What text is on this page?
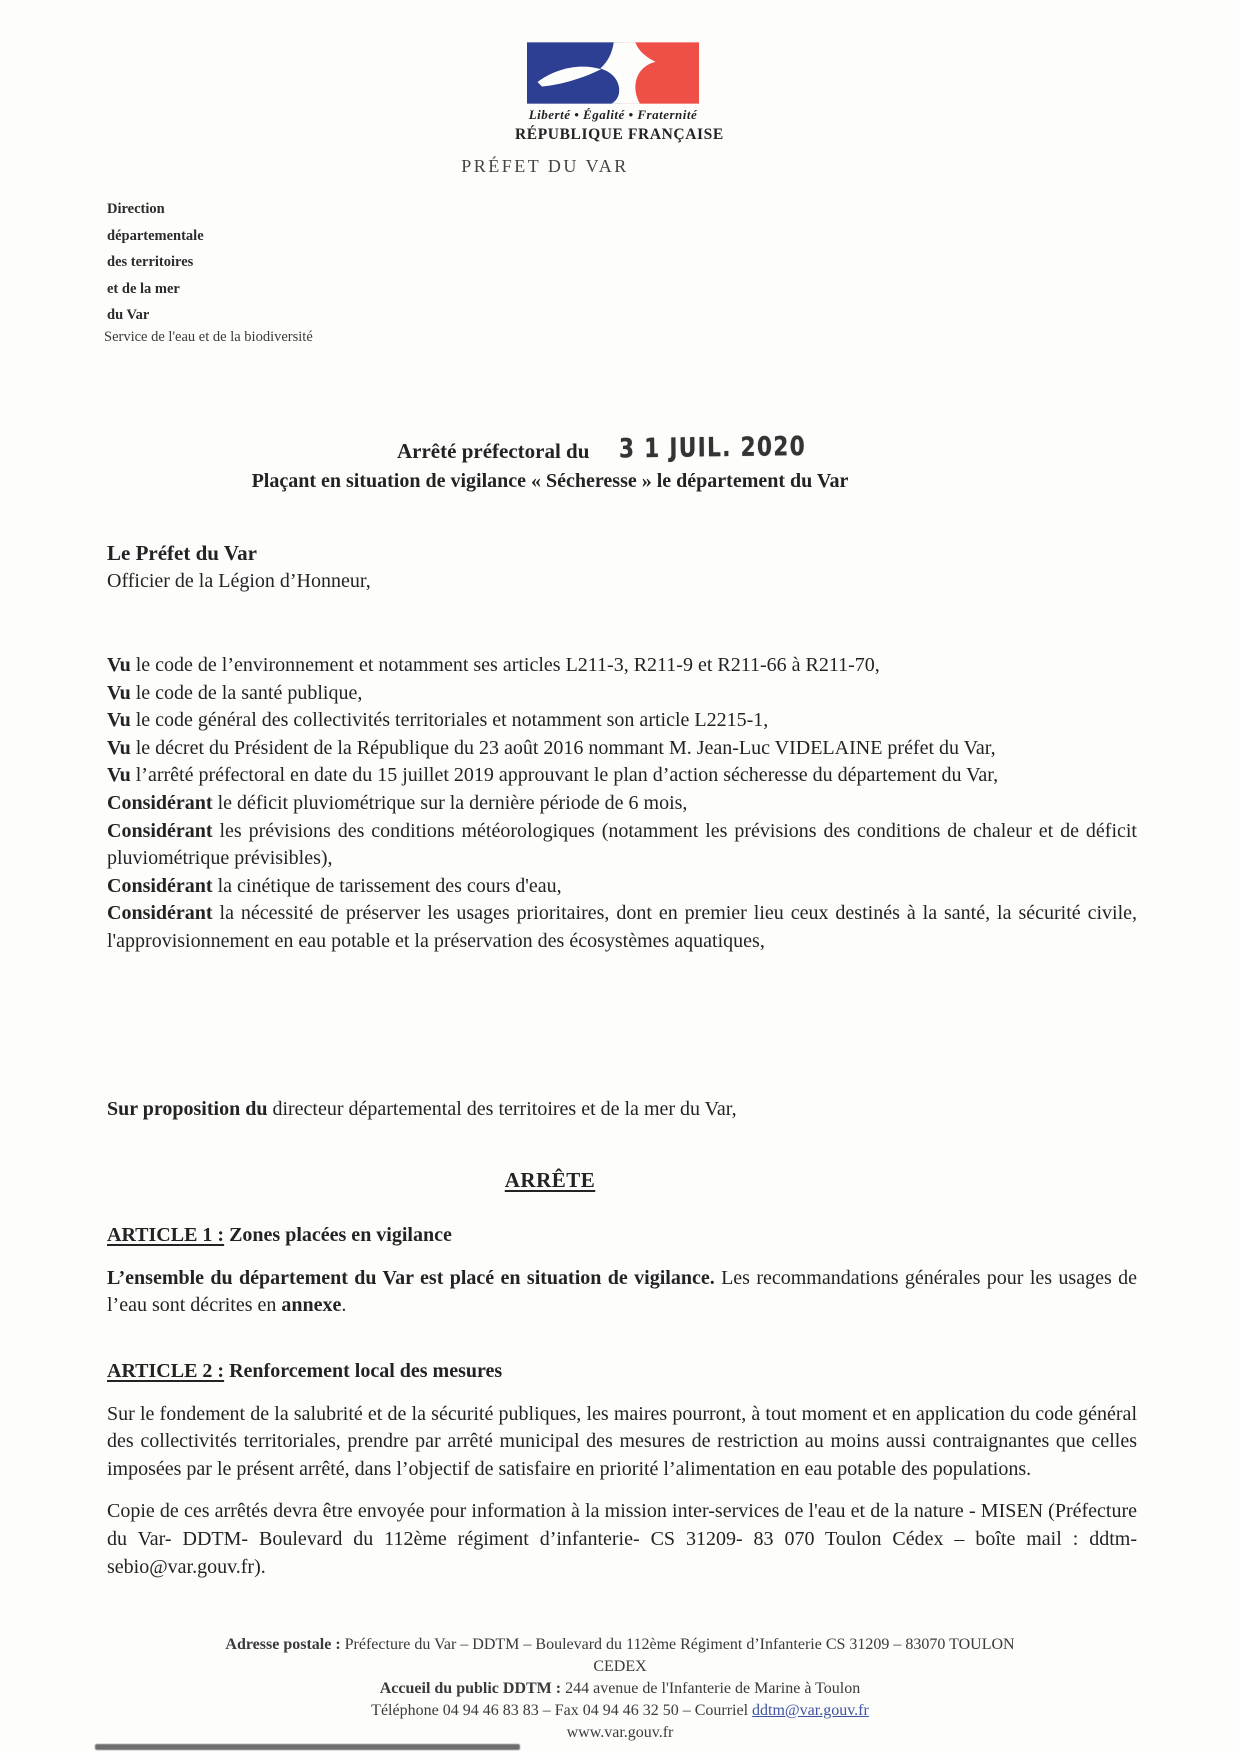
Liberté • Égalité • Fraternité
RÉPUBLIQUE FRANÇAISE
PRÉFET DU VAR
Direction
départementale
des territoires
et de la mer
du Var
Service de l'eau et de la biodiversité
Arrêté préfectoral du 3 1 JUIL. 2020
Plaçant en situation de vigilance « Sécheresse » le département du Var
Le Préfet du Var
Officier de la Légion d’Honneur,

Vu le code de l’environnement et notamment ses articles L211-3, R211-9 et R211-66 à R211-70,

Vu le code de la santé publique,

Vu le code général des collectivités territoriales et notamment son article L2215-1,

Vu le décret du Président de la République du 23 août 2016 nommant M. Jean-Luc VIDELAINE préfet du Var,

Vu l’arrêté préfectoral en date du 15 juillet 2019 approuvant le plan d’action sécheresse du département du Var,

Considérant le déficit pluviométrique sur la dernière période de 6 mois,

Considérant les prévisions des conditions météorologiques (notamment les prévisions des conditions de chaleur et de déficit pluviométrique prévisibles),

Considérant la cinétique de tarissement des cours d'eau,

Considérant la nécessité de préserver les usages prioritaires, dont en premier lieu ceux destinés à la santé, la sécurité civile, l'approvisionnement en eau potable et la préservation des écosystèmes aquatiques,

Sur proposition du directeur départemental des territoires et de la mer du Var,
ARRÊTE

ARTICLE 1 : Zones placées en vigilance

L’ensemble du département du Var est placé en situation de vigilance. Les recommandations générales pour les usages de l’eau sont décrites en annexe.

ARTICLE 2 : Renforcement local des mesures

Sur le fondement de la salubrité et de la sécurité publiques, les maires pourront, à tout moment et en application du code général des collectivités territoriales, prendre par arrêté municipal des mesures de restriction au moins aussi contraignantes que celles imposées par le présent arrêté, dans l’objectif de satisfaire en priorité l’alimentation en eau potable des populations.

Copie de ces arrêtés devra être envoyée pour information à la mission inter-services de l'eau et de la nature - MISEN (Préfecture du Var- DDTM- Boulevard du 112ème régiment d’infanterie- CS 31209- 83 070 Toulon Cédex – boîte mail : ddtm-sebio@var.gouv.fr).

Adresse postale : Préfecture du Var – DDTM – Boulevard du 112ème Régiment d’Infanterie CS 31209 – 83070 TOULON

CEDEX

Accueil du public DDTM : 244 avenue de l'Infanterie de Marine à Toulon

Téléphone 04 94 46 83 83 – Fax 04 94 46 32 50 – Courriel ddtm@var.gouv.fr

www.var.gouv.fr
